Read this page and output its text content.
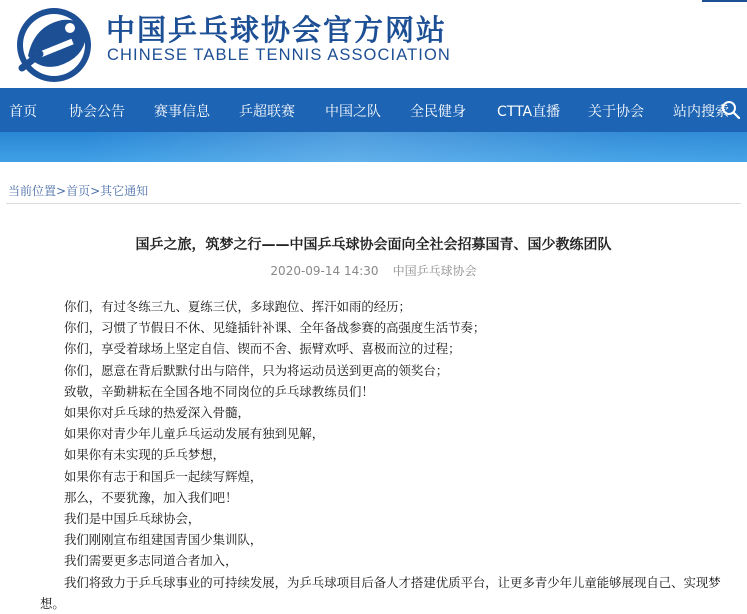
中国乒乓球协会官方网站
CHINESE TABLE TENNIS ASSOCIATION
首页 协会公告 赛事信息 乒超联赛 中国之队 全民健身 CTTA直播 关于协会 站内搜索
当前位置>首页>其它通知
国乒之旅，筑梦之行——中国乒乓球协会面向全社会招募国青、国少教练团队
2020-09-14 14:30 中国乒乓球协会
你们，有过冬练三九、夏练三伏，多球跑位、挥汗如雨的经历；
你们，习惯了节假日不休、见缝插针补课、全年备战参赛的高强度生活节奏；
你们，享受着球场上坚定自信、锲而不舍、振臂欢呼、喜极而泣的过程；
你们，愿意在背后默默付出与陪伴，只为将运动员送到更高的领奖台；
致敬，辛勤耕耘在全国各地不同岗位的乒乓球教练员们！
如果你对乒乓球的热爱深入骨髓，
如果你对青少年儿童乒乓运动发展有独到见解，
如果你有未实现的乒乓梦想，
如果你有志于和国乒一起续写辉煌，
那么，不要犹豫，加入我们吧！
我们是中国乒乓球协会，
我们刚刚宣布组建国青国少集训队，
我们需要更多志同道合者加入，
我们将致力于乒乓球事业的可持续发展，为乒乓球项目后备人才搭建优质平台，让更多青少年儿童能够展现自己、实现梦
想。
